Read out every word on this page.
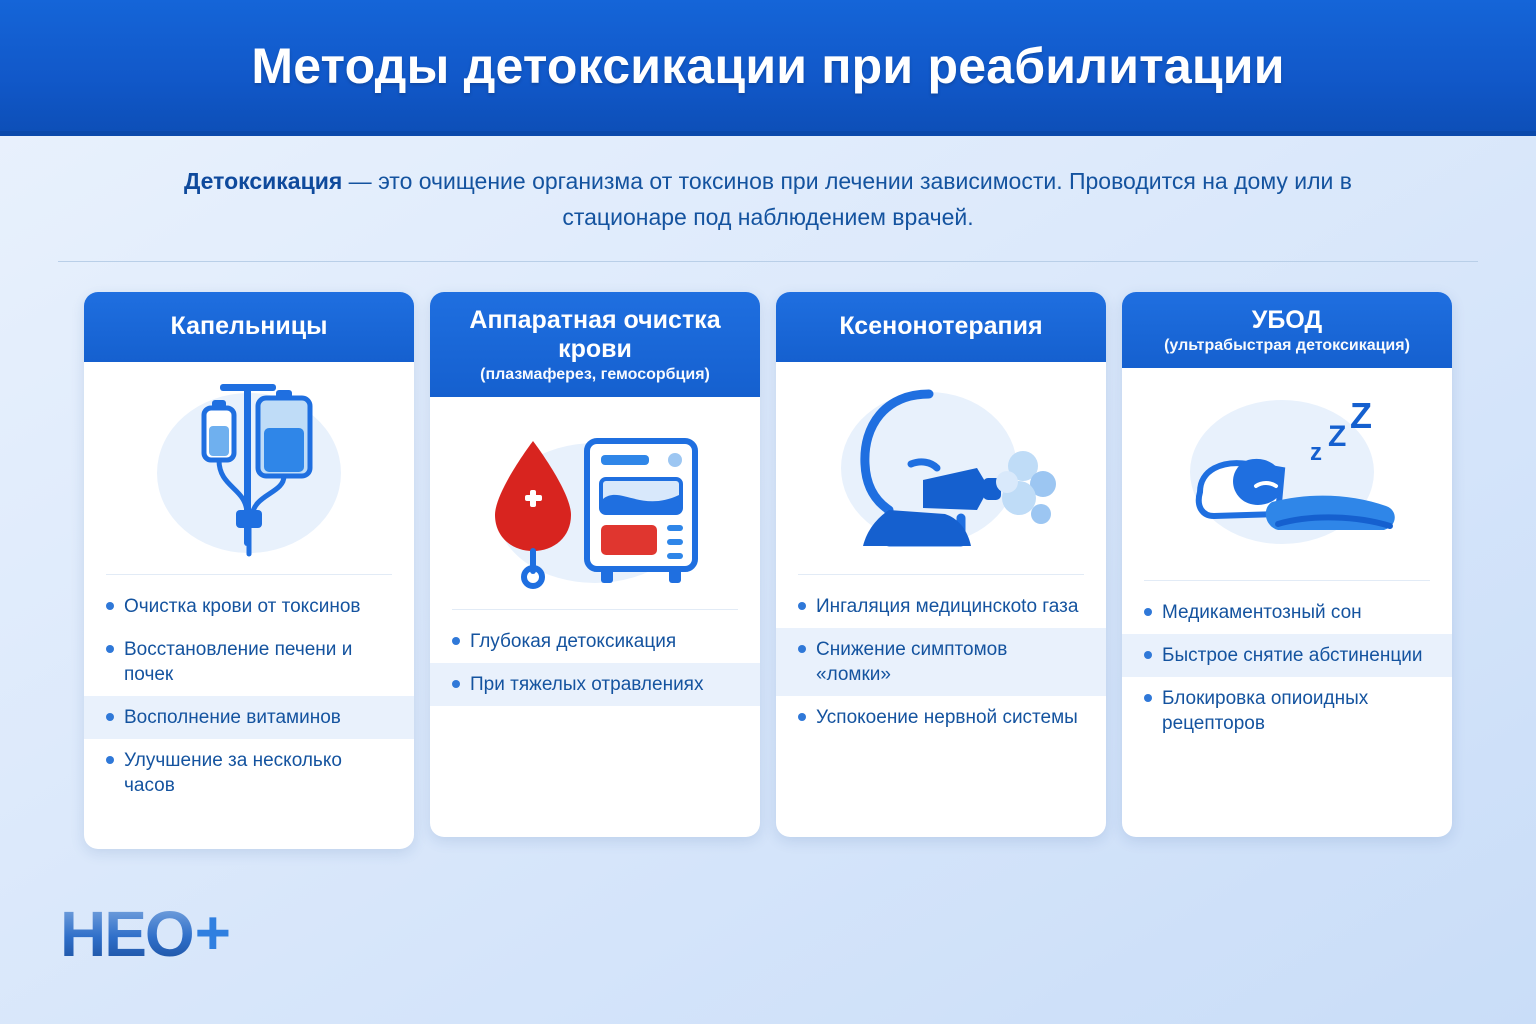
Методы детоксикации при реабилитации
Детоксикация — это очищение организма от токсинов при лечении зависимости. Проводится на дому или в стационаре под наблюдением врачей.
Капельницы
Очистка крови от токсинов
Восстановление печени и почек
Восполнение витаминов
Улучшение за несколько часов
Аппаратная очистка крови
(плазмаферез, гемосорбция)
Глубокая детоксикация
При тяжелых отравлениях
Ксенонотерапия
Ингаляция медицинскоto газа
Снижение симптомов «ломки»
Успокоение нервной системы
УБОД
(ультрабыстрая детоксикация)
z Z
Z
Медикаментозный сон
Быстрое снятие абстиненции
Блокировка опиоидных рецепторов
HEO +
